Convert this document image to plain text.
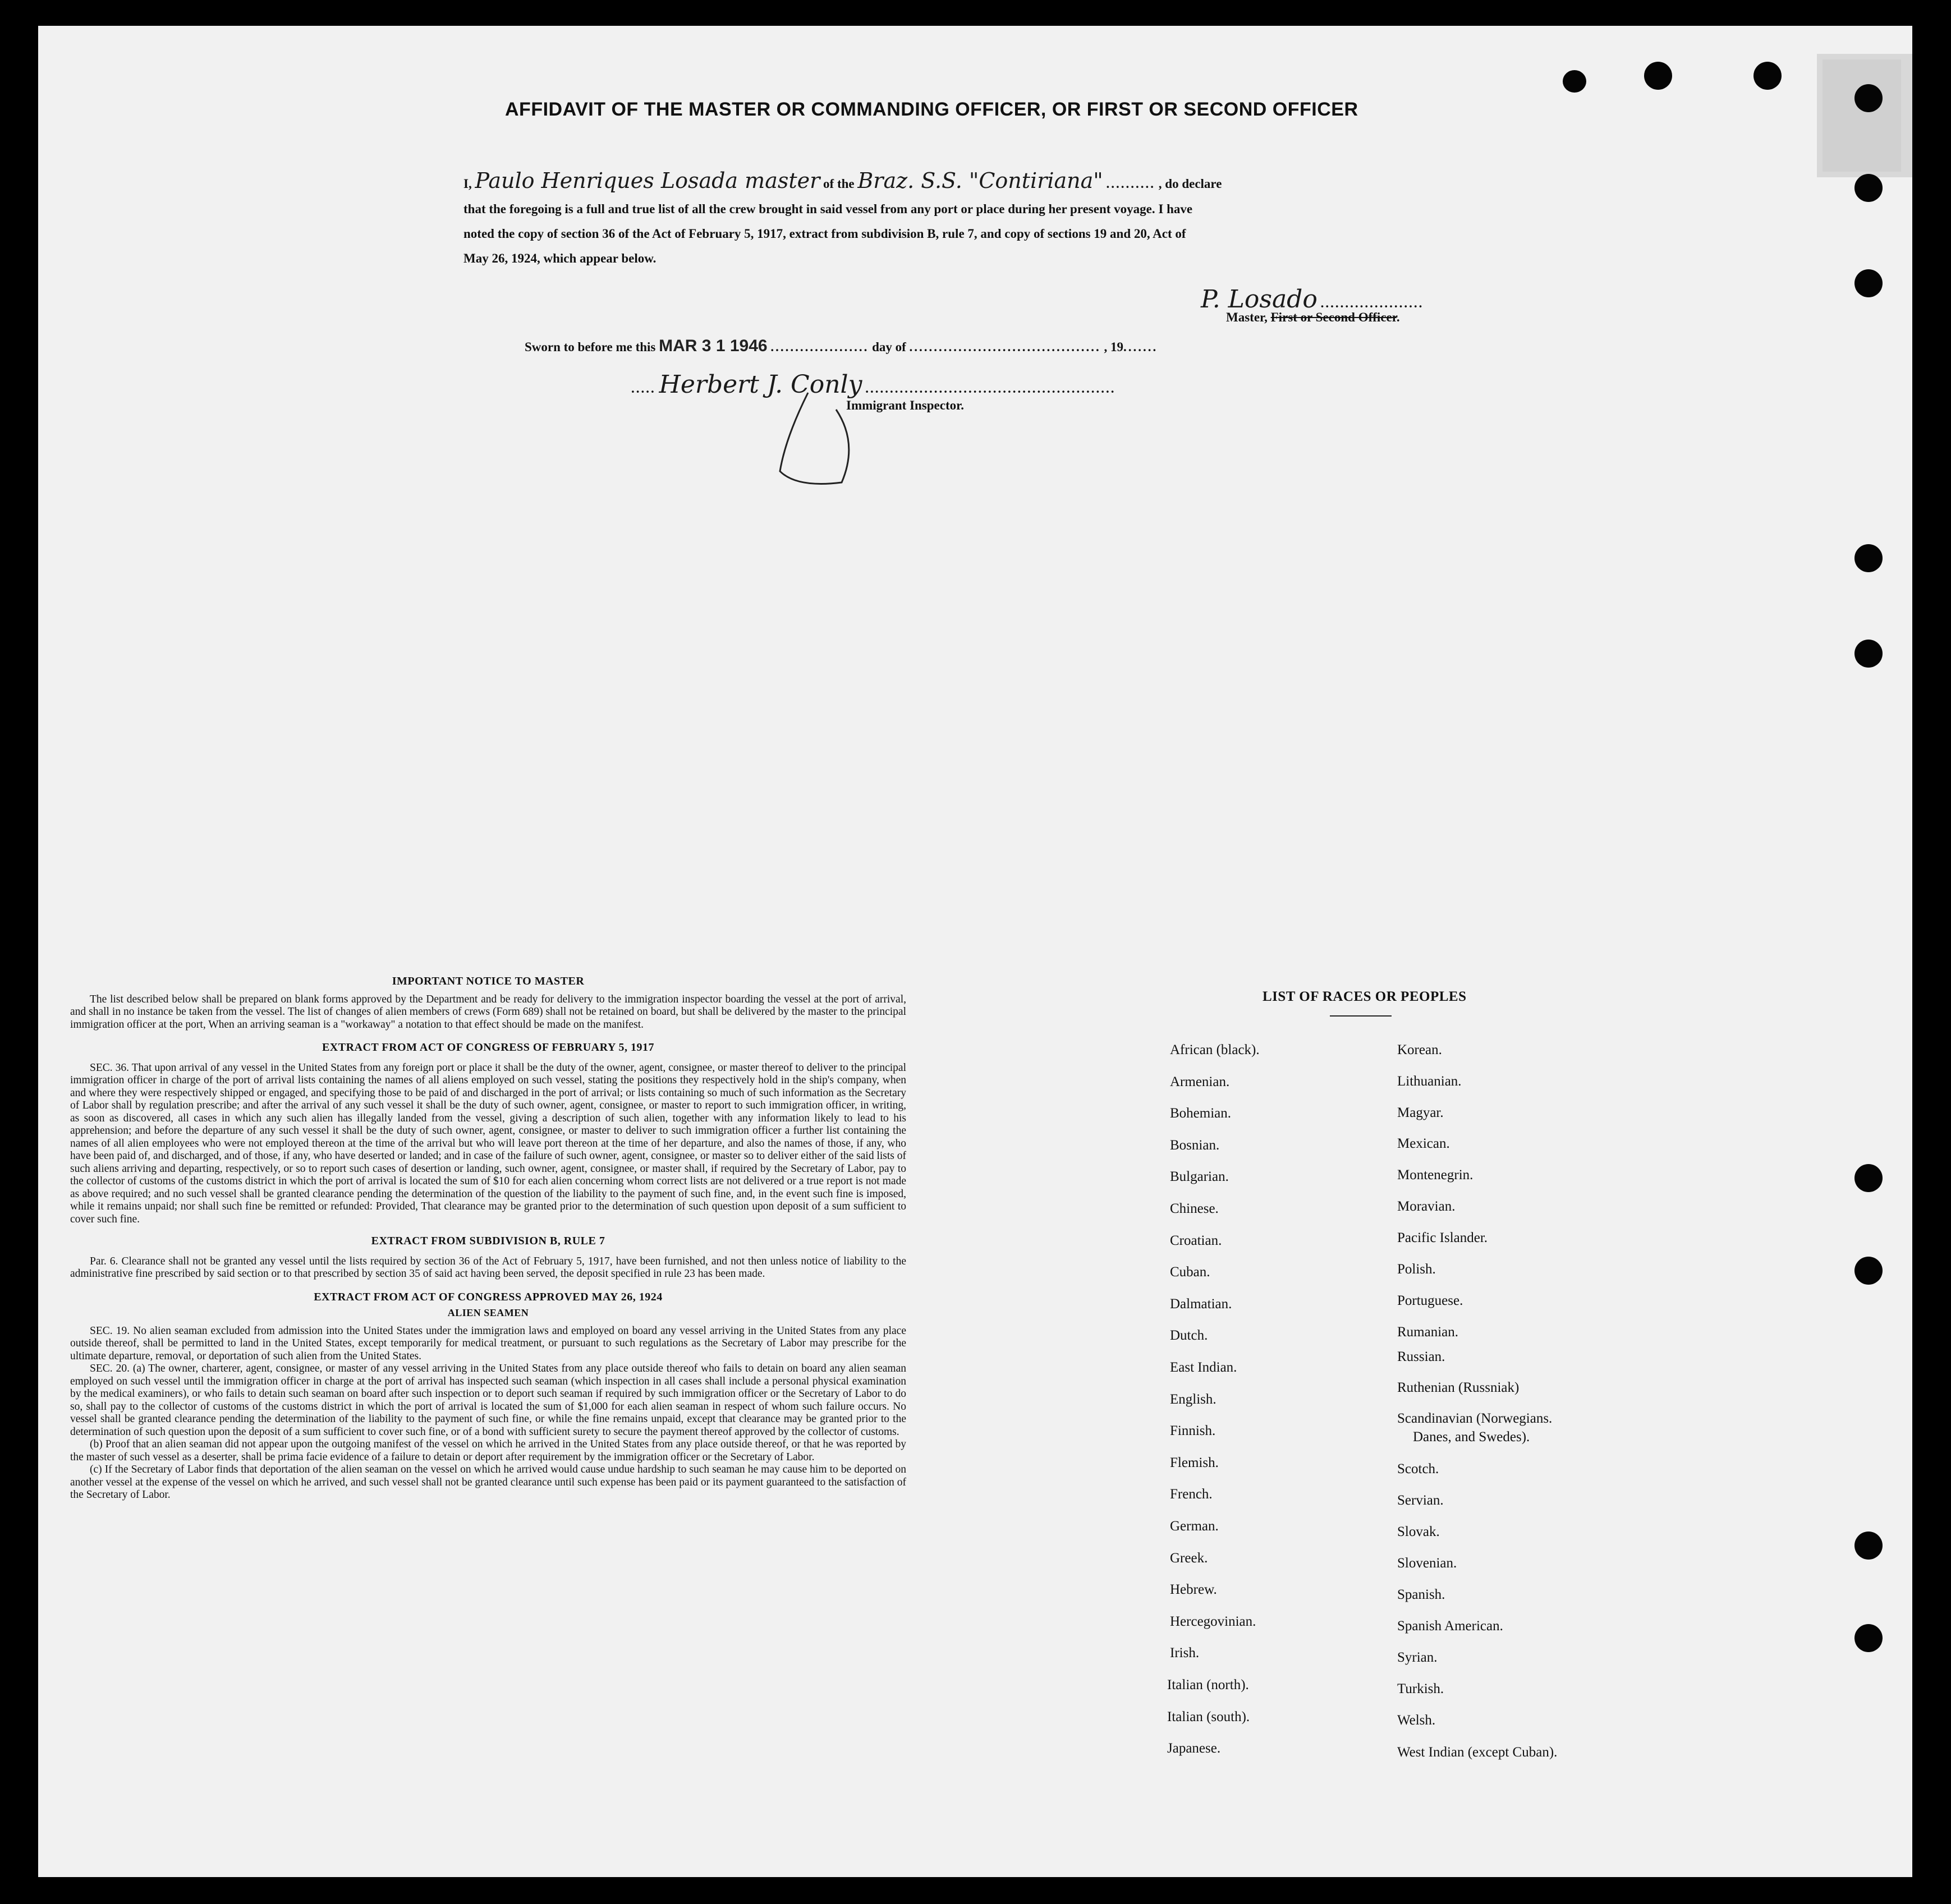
AFFIDAVIT OF THE MASTER OR COMMANDING OFFICER, OR FIRST OR SECOND OFFICER
I, Paulo Henriques Losada master of the Braz. S.S. "Contiriana" .......... , do declare
that the foregoing is a full and true list of all the crew brought in said vessel from any port or place during her present voyage. I have
noted the copy of section 36 of the Act of February 5, 1917, extract from subdivision B, rule 7, and copy of sections 19 and 20, Act of
May 26, 1924, which appear below.
P. Losado .....................
Master, First or Second Officer.
Sworn to before me this MAR 3 1 1946 .................... day of ....................................... , 19.......
..... Herbert J. Conly ...................................................
Immigrant Inspector.
IMPORTANT NOTICE TO MASTER

The list described below shall be prepared on blank forms approved by the Department and be ready for delivery to the immigration inspector boarding the vessel at the port of arrival, and shall in no instance be taken from the vessel. The list of changes of alien members of crews (Form 689) shall not be retained on board, but shall be delivered by the master to the principal immigration officer at the port, When an arriving seaman is a "workaway" a notation to that effect should be made on the manifest.

EXTRACT FROM ACT OF CONGRESS OF FEBRUARY 5, 1917

SEC. 36. That upon arrival of any vessel in the United States from any foreign port or place it shall be the duty of the owner, agent, consignee, or master thereof to deliver to the principal immigration officer in charge of the port of arrival lists containing the names of all aliens employed on such vessel, stating the positions they respectively hold in the ship's company, when and where they were respectively shipped or engaged, and specifying those to be paid of and discharged in the port of arrival; or lists containing so much of such information as the Secretary of Labor shall by regulation prescribe; and after the arrival of any such vessel it shall be the duty of such owner, agent, consignee, or master to report to such immigration officer, in writing, as soon as discovered, all cases in which any such alien has illegally landed from the vessel, giving a description of such alien, together with any information likely to lead to his apprehension; and before the departure of any such vessel it shall be the duty of such owner, agent, consignee, or master to deliver to such immigration officer a further list containing the names of all alien employees who were not employed thereon at the time of the arrival but who will leave port thereon at the time of her departure, and also the names of those, if any, who have been paid of, and discharged, and of those, if any, who have deserted or landed; and in case of the failure of such owner, agent, consignee, or master so to deliver either of the said lists of such aliens arriving and departing, respectively, or so to report such cases of desertion or landing, such owner, agent, consignee, or master shall, if required by the Secretary of Labor, pay to the collector of customs of the customs district in which the port of arrival is located the sum of $10 for each alien concerning whom correct lists are not delivered or a true report is not made as above required; and no such vessel shall be granted clearance pending the determination of the question of the liability to the payment of such fine, and, in the event such fine is imposed, while it remains unpaid; nor shall such fine be remitted or refunded: Provided, That clearance may be granted prior to the determination of such question upon deposit of a sum sufficient to cover such fine.

EXTRACT FROM SUBDIVISION B, RULE 7

Par. 6. Clearance shall not be granted any vessel until the lists required by section 36 of the Act of February 5, 1917, have been furnished, and not then unless notice of liability to the administrative fine prescribed by said section or to that prescribed by section 35 of said act having been served, the deposit specified in rule 23 has been made.

EXTRACT FROM ACT OF CONGRESS APPROVED MAY 26, 1924
ALIEN SEAMEN

SEC. 19. No alien seaman excluded from admission into the United States under the immigration laws and employed on board any vessel arriving in the United States from any place outside thereof, shall be permitted to land in the United States, except temporarily for medical treatment, or pursuant to such regulations as the Secretary of Labor may prescribe for the ultimate departure, removal, or deportation of such alien from the United States.

SEC. 20. (a) The owner, charterer, agent, consignee, or master of any vessel arriving in the United States from any place outside thereof who fails to detain on board any alien seaman employed on such vessel until the immigration officer in charge at the port of arrival has inspected such seaman (which inspection in all cases shall include a personal physical examination by the medical examiners), or who fails to detain such seaman on board after such inspection or to deport such seaman if required by such immigration officer or the Secretary of Labor to do so, shall pay to the collector of customs of the customs district in which the port of arrival is located the sum of $1,000 for each alien seaman in respect of whom such failure occurs. No vessel shall be granted clearance pending the determination of the liability to the payment of such fine, or while the fine remains unpaid, except that clearance may be granted prior to the determination of such question upon the deposit of a sum sufficient to cover such fine, or of a bond with sufficient surety to secure the payment thereof approved by the collector of customs.

(b) Proof that an alien seaman did not appear upon the outgoing manifest of the vessel on which he arrived in the United States from any place outside thereof, or that he was reported by the master of such vessel as a deserter, shall be prima facie evidence of a failure to detain or deport after requirement by the immigration officer or the Secretary of Labor.

(c) If the Secretary of Labor finds that deportation of the alien seaman on the vessel on which he arrived would cause undue hardship to such seaman he may cause him to be deported on another vessel at the expense of the vessel on which he arrived, and such vessel shall not be granted clearance until such expense has been paid or its payment guaranteed to the satisfaction of the Secretary of Labor.

LIST OF RACES OR PEOPLES
African (black).
Armenian.
Bohemian.
Bosnian.
Bulgarian.
Chinese.
Croatian.
Cuban.
Dalmatian.
Dutch.
East Indian.
English.
Finnish.
Flemish.
French.
German.
Greek.
Hebrew.
Hercegovinian.
Irish.
Italian (north).
Italian (south).
Japanese.
Korean.
Lithuanian.
Magyar.
Mexican.
Montenegrin.
Moravian.
Pacific Islander.
Polish.
Portuguese.
Rumanian.
Russian.
Ruthenian (Russniak)
Scandinavian (Norwegians.
Danes, and Swedes).
Scotch.
Servian.
Slovak.
Slovenian.
Spanish.
Spanish American.
Syrian.
Turkish.
Welsh.
West Indian (except Cuban).
